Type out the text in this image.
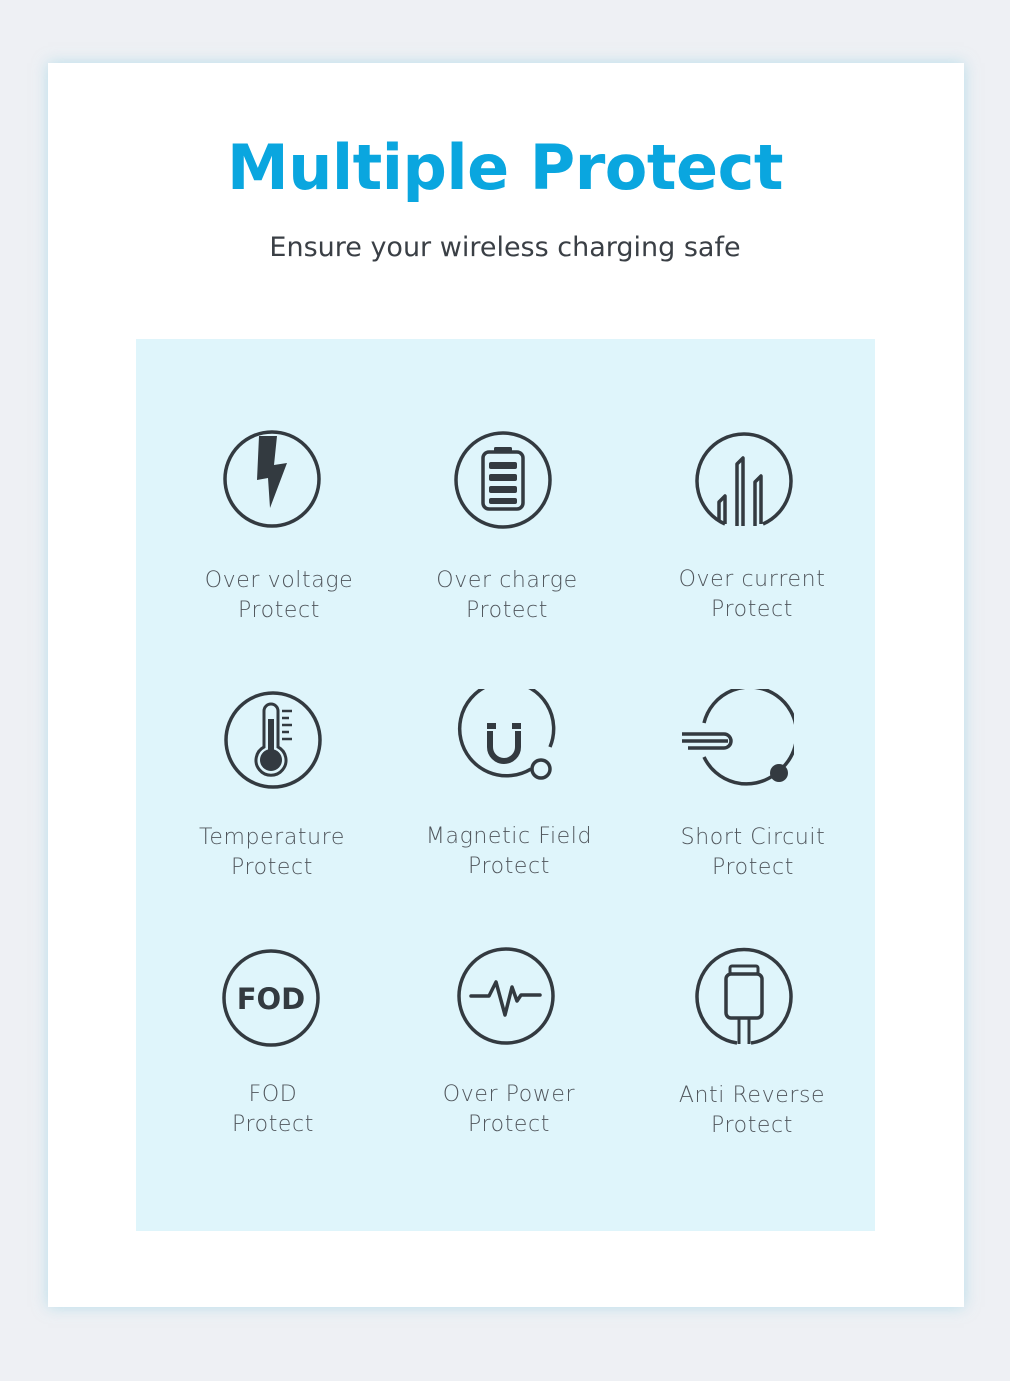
Multiple Protect
Ensure your wireless charging safe
Over voltage
Protect
Over charge
Protect
Over current
Protect
Temperature
Protect
Magnetic Field
Protect
Short Circuit
Protect
FOD
FOD
Protect
Over Power
Protect
Anti Reverse
Protect
